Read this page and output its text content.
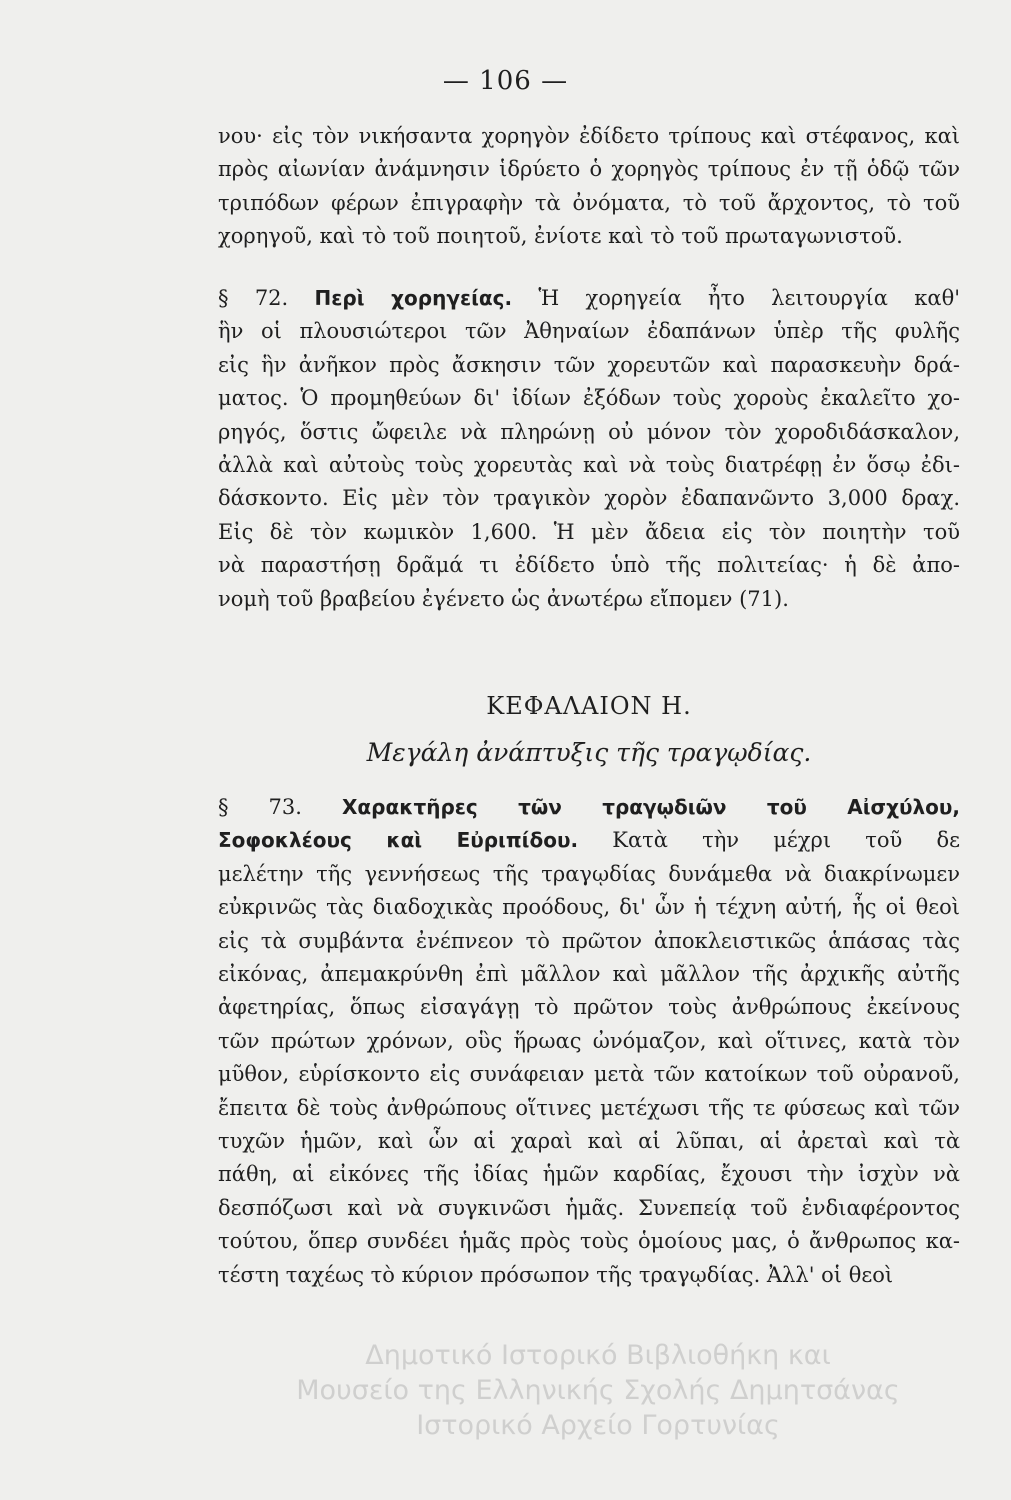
— 106 —
νου· εἰς τὸν νικήσαντα χορηγὸν ἐδίδετο τρίπους καὶ στέφανος, καὶ
πρὸς αἰωνίαν ἀνάμνησιν ἱδρύετο ὁ χορηγὸς τρίπους ἐν τῇ ὁδῷ τῶν
τριπόδων φέρων ἐπιγραφὴν τὰ ὀνόματα, τὸ τοῦ ἄρχοντος, τὸ τοῦ
χορηγοῦ, καὶ τὸ τοῦ ποιητοῦ, ἐνίοτε καὶ τὸ τοῦ πρωταγωνιστοῦ.
§ 72. Περὶ χορηγείας. Ἡ χορηγεία ἦτο λειτουργία καθ'
ἣν οἱ πλουσιώτεροι τῶν Ἀθηναίων ἐδαπάνων ὑπὲρ τῆς φυλῆς
εἰς ἣν ἀνῆκον πρὸς ἄσκησιν τῶν χορευτῶν καὶ παρασκευὴν δρά-
ματος. Ὁ προμηθεύων δι' ἰδίων ἐξόδων τοὺς χοροὺς ἐκαλεῖτο χο-
ρηγός, ὅστις ὤφειλε νὰ πληρώνῃ οὐ μόνον τὸν χοροδιδάσκαλον,
ἀλλὰ καὶ αὐτοὺς τοὺς χορευτὰς καὶ νὰ τοὺς διατρέφῃ ἐν ὅσῳ ἐδι-
δάσκοντο. Εἰς μὲν τὸν τραγικὸν χορὸν ἐδαπανῶντο 3,000 δραχ.
Εἰς δὲ τὸν κωμικὸν 1,600. Ἡ μὲν ἄδεια εἰς τὸν ποιητὴν τοῦ
νὰ παραστήσῃ δρᾶμά τι ἐδίδετο ὑπὸ τῆς πολιτείας· ἡ δὲ ἀπο-
νομὴ τοῦ βραβείου ἐγένετο ὡς ἀνωτέρω εἴπομεν (71).
ΚΕΦΑΛΑΙΟΝ Η.
Μεγάλη ἀνάπτυξις τῆς τραγῳδίας.
§ 73. Χαρακτῆρες τῶν τραγῳδιῶν τοῦ Αἰσχύλου,
Σοφοκλέους καὶ Εὐριπίδου. Κατὰ τὴν μέχρι τοῦ δε
μελέτην τῆς γεννήσεως τῆς τραγῳδίας δυνάμεθα νὰ διακρίνωμεν
εὐκρινῶς τὰς διαδοχικὰς προόδους, δι' ὧν ἡ τέχνη αὐτή, ἧς οἱ θεοὶ
εἰς τὰ συμβάντα ἐνέπνεον τὸ πρῶτον ἀποκλειστικῶς ἁπάσας τὰς
εἰκόνας, ἀπεμακρύνθη ἐπὶ μᾶλλον καὶ μᾶλλον τῆς ἀρχικῆς αὐτῆς
ἀφετηρίας, ὅπως εἰσαγάγῃ τὸ πρῶτον τοὺς ἀνθρώπους ἐκείνους
τῶν πρώτων χρόνων, οὓς ἥρωας ὠνόμαζον, καὶ οἵτινες, κατὰ τὸν
μῦθον, εὑρίσκοντο εἰς συνάφειαν μετὰ τῶν κατοίκων τοῦ οὐρανοῦ,
ἔπειτα δὲ τοὺς ἀνθρώπους οἵτινες μετέχωσι τῆς τε φύσεως καὶ τῶν
τυχῶν ἡμῶν, καὶ ὧν αἱ χαραὶ καὶ αἱ λῦπαι, αἱ ἀρεταὶ καὶ τὰ
πάθη, αἱ εἰκόνες τῆς ἰδίας ἡμῶν καρδίας, ἔχουσι τὴν ἰσχὺν νὰ
δεσπόζωσι καὶ νὰ συγκινῶσι ἡμᾶς. Συνεπείᾳ τοῦ ἐνδιαφέροντος
τούτου, ὅπερ συνδέει ἡμᾶς πρὸς τοὺς ὁμοίους μας, ὁ ἄνθρωπος κα-
τέστη ταχέως τὸ κύριον πρόσωπον τῆς τραγῳδίας. Ἀλλ' οἱ θεοὶ
Δημοτικό Ιστορικό Βιβλιοθήκη και
Μουσείο της Ελληνικής Σχολής Δημητσάνας
Ιστορικό Αρχείο Γορτυνίας
